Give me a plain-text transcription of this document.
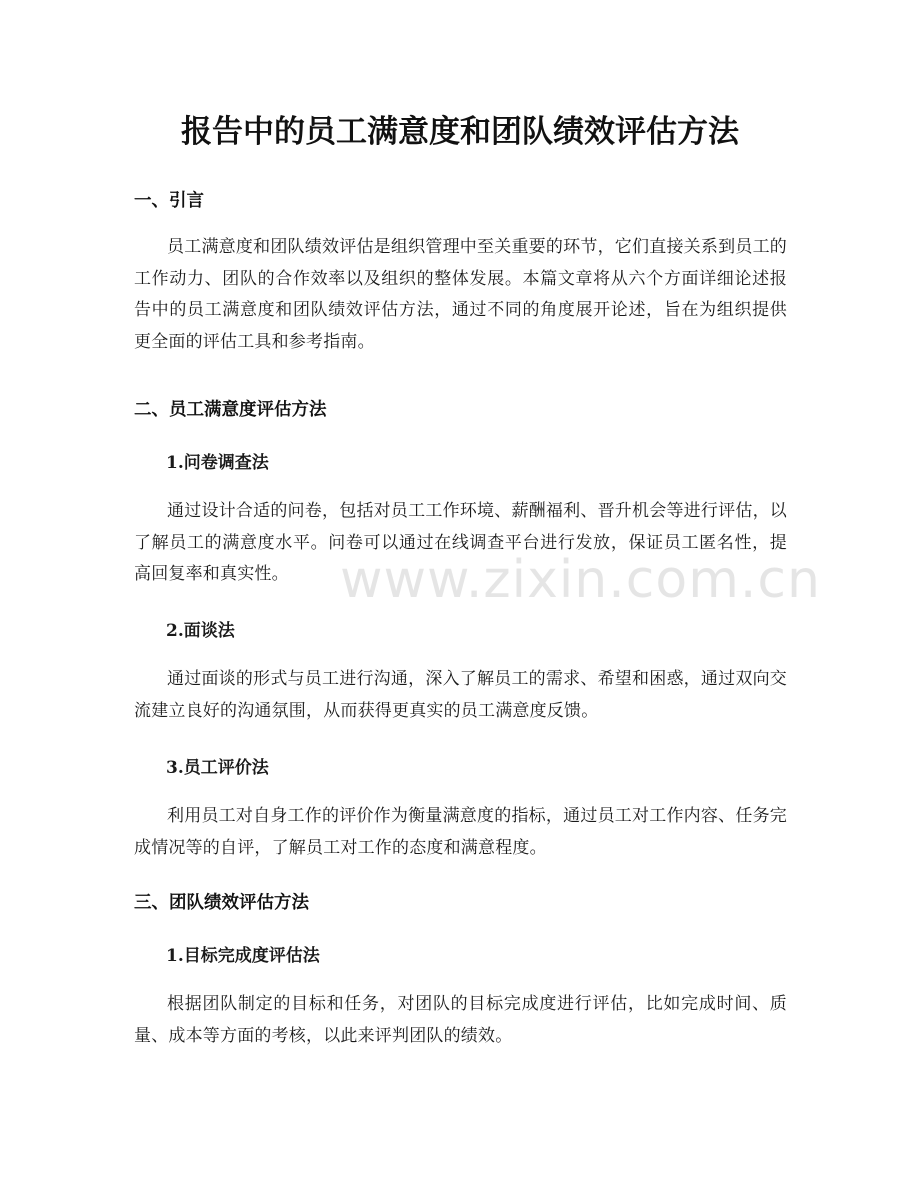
报告中的员工满意度和团队绩效评估方法
一、引言

员工满意度和团队绩效评估是组织管理中至关重要的环节，它们直接关系到员工的工作动力、团队的合作效率以及组织的整体发展。本篇文章将从六个方面详细论述报告中的员工满意度和团队绩效评估方法，通过不同的角度展开论述，旨在为组织提供更全面的评估工具和参考指南。

二、员工满意度评估方法
1.问卷调查法

通过设计合适的问卷，包括对员工工作环境、薪酬福利、晋升机会等进行评估，以了解员工的满意度水平。问卷可以通过在线调查平台进行发放，保证员工匿名性，提高回复率和真实性。

2.面谈法

通过面谈的形式与员工进行沟通，深入了解员工的需求、希望和困惑，通过双向交流建立良好的沟通氛围，从而获得更真实的员工满意度反馈。

3.员工评价法

利用员工对自身工作的评价作为衡量满意度的指标，通过员工对工作内容、任务完成情况等的自评，了解员工对工作的态度和满意程度。

三、团队绩效评估方法
1.目标完成度评估法

根据团队制定的目标和任务，对团队的目标完成度进行评估，比如完成时间、质量、成本等方面的考核，以此来评判团队的绩效。

www.zixin.com.cn
